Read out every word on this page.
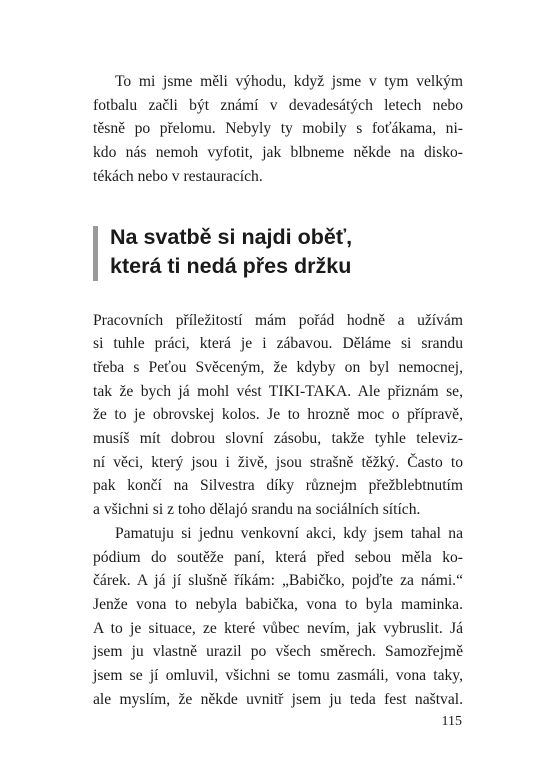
To mi jsme měli výhodu, když jsme v tym velkým
fotbalu začli být známí v devadesátých letech nebo
těsně po přelomu. Nebyly ty mobily s foťákama, ni-
kdo nás nemoh vyfotit, jak blbneme někde na disko-
tékách nebo v restauracích.

Na svatbě si najdi oběť,
která ti nedá přes držku

Pracovních příležitostí mám pořád hodně a užívám
si tuhle práci, která je i zábavou. Děláme si srandu
třeba s Peťou Svěceným, že kdyby on byl nemocnej,
tak že bych já mohl vést TIKI-TAKA. Ale přiznám se,
že to je obrovskej kolos. Je to hrozně moc o přípravě,
musíš mít dobrou slovní zásobu, takže tyhle televiz-
ní věci, který jsou i živě, jsou strašně těžký. Často to
pak končí na Silvestra díky různejm přežblebtnutím
a všichni si z toho dělajó srandu na sociálních sítích.

Pamatuju si jednu venkovní akci, kdy jsem tahal na
pódium do soutěže paní, která před sebou měla ko-
čárek. A já jí slušně říkám: „Babičko, pojďte za námi.“
Jenže vona to nebyla babička, vona to byla maminka.
A to je situace, ze které vůbec nevím, jak vybruslit. Já
jsem ju vlastně urazil po všech směrech. Samozřejmě
jsem se jí omluvil, všichni se tomu zasmáli, vona taky,
ale myslím, že někde uvnitř jsem ju teda fest naštval.

115
